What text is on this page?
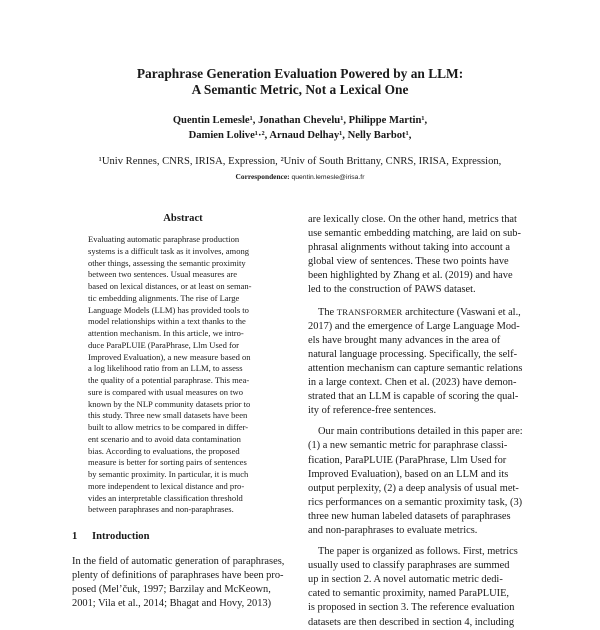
Paraphrase Generation Evaluation Powered by an LLM:
A Semantic Metric, Not a Lexical One
Quentin Lemesle¹, Jonathan Chevelu¹, Philippe Martin¹,
Damien Lolive¹·², Arnaud Delhay¹, Nelly Barbot¹,
¹Univ Rennes, CNRS, IRISA, Expression, ²Univ of South Brittany, CNRS, IRISA, Expression,
Correspondence: quentin.lemesle@irisa.fr
Abstract
Evaluating automatic paraphrase production
systems is a difficult task as it involves, among
other things, assessing the semantic proximity
between two sentences. Usual measures are
based on lexical distances, or at least on seman-
tic embedding alignments. The rise of Large
Language Models (LLM) has provided tools to
model relationships within a text thanks to the
attention mechanism. In this article, we intro-
duce ParaPLUIE (ParaPhrase, Llm Used for
Improved Evaluation), a new measure based on
a log likelihood ratio from an LLM, to assess
the quality of a potential paraphrase. This mea-
sure is compared with usual measures on two
known by the NLP community datasets prior to
this study. Three new small datasets have been
built to allow metrics to be compared in differ-
ent scenario and to avoid data contamination
bias. According to evaluations, the proposed
measure is better for sorting pairs of sentences
by semantic proximity. In particular, it is much
more independent to lexical distance and pro-
vides an interpretable classification threshold
between paraphrases and non-paraphrases.
1 Introduction
In the field of automatic generation of paraphrases,
plenty of definitions of paraphrases have been pro-
posed (Mel’čuk, 1997; Barzilay and McKeown,
2001; Vila et al., 2014; Bhagat and Hovy, 2013)
are lexically close. On the other hand, metrics that
use semantic embedding matching, are laid on sub-
phrasal alignments without taking into account a
global view of sentences. These two points have
been highlighted by Zhang et al. (2019) and have
led to the construction of PAWS dataset.
The TRANSFORMER architecture (Vaswani et al.,
2017) and the emergence of Large Language Mod-
els have brought many advances in the area of
natural language processing. Specifically, the self-
attention mechanism can capture semantic relations
in a large context. Chen et al. (2023) have demon-
strated that an LLM is capable of scoring the qual-
ity of reference-free sentences.
Our main contributions detailed in this paper are:
(1) a new semantic metric for paraphrase classi-
fication, ParaPLUIE (ParaPhrase, Llm Used for
Improved Evaluation), based on an LLM and its
output perplexity, (2) a deep analysis of usual met-
rics performances on a semantic proximity task, (3)
three new human labeled datasets of paraphrases
and non-paraphrases to evaluate metrics.
The paper is organized as follows. First, metrics
usually used to classify paraphrases are summed
up in section 2. A novel automatic metric dedi-
cated to semantic proximity, named ParaPLUIE,
is proposed in section 3. The reference evaluation
datasets are then described in section 4, including
